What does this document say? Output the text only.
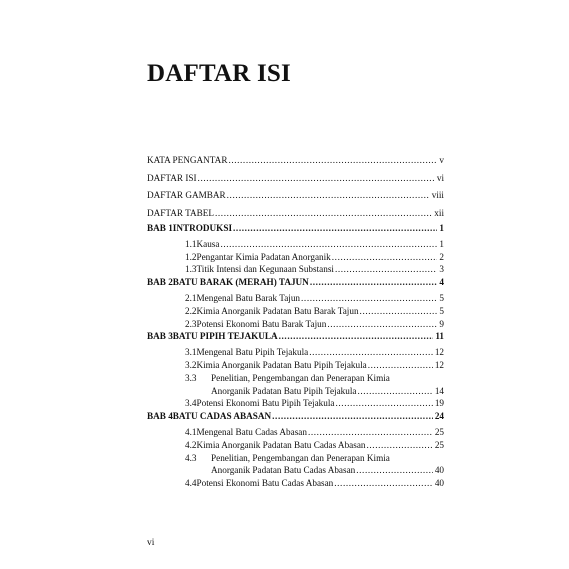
DAFTAR ISI
KATA PENGANTAR .....	v
DAFTAR ISI .....	vi
DAFTAR GAMBAR .....	viii
DAFTAR TABEL .....	xii
BAB 1 INTRODUKSI .....	1
1.1 Kausa .....	1
1.2 Pengantar Kimia Padatan Anorganik .....	2
1.3 Titik Intensi dan Kegunaan Substansi .....	3
BAB 2 BATU BARAK (MERAH) TAJUN .....	4
2.1 Mengenal Batu Barak Tajun .....	5
2.2 Kimia Anorganik Padatan Batu Barak Tajun .....	5
2.3 Potensi Ekonomi Batu Barak Tajun .....	9
BAB 3 BATU PIPIH TEJAKULA .....	11
3.1 Mengenal Batu Pipih Tejakula .....	12
3.2 Kimia Anorganik Padatan Batu Pipih Tejakula .....	12
3.3	Penelitian, Pengembangan dan Penerapan Kimia
Anorganik Padatan Batu Pipih Tejakula .....	14
3.4 Potensi Ekonomi Batu Pipih Tejakula .....	19
BAB 4 BATU CADAS ABASAN .....	24
4.1 Mengenal Batu Cadas Abasan .....	25
4.2 Kimia Anorganik Padatan Batu Cadas Abasan .....	25
4.3	Penelitian, Pengembangan dan Penerapan Kimia
Anorganik Padatan Batu Cadas Abasan .....	40
4.4 Potensi Ekonomi Batu Cadas Abasan .....	40
vi
